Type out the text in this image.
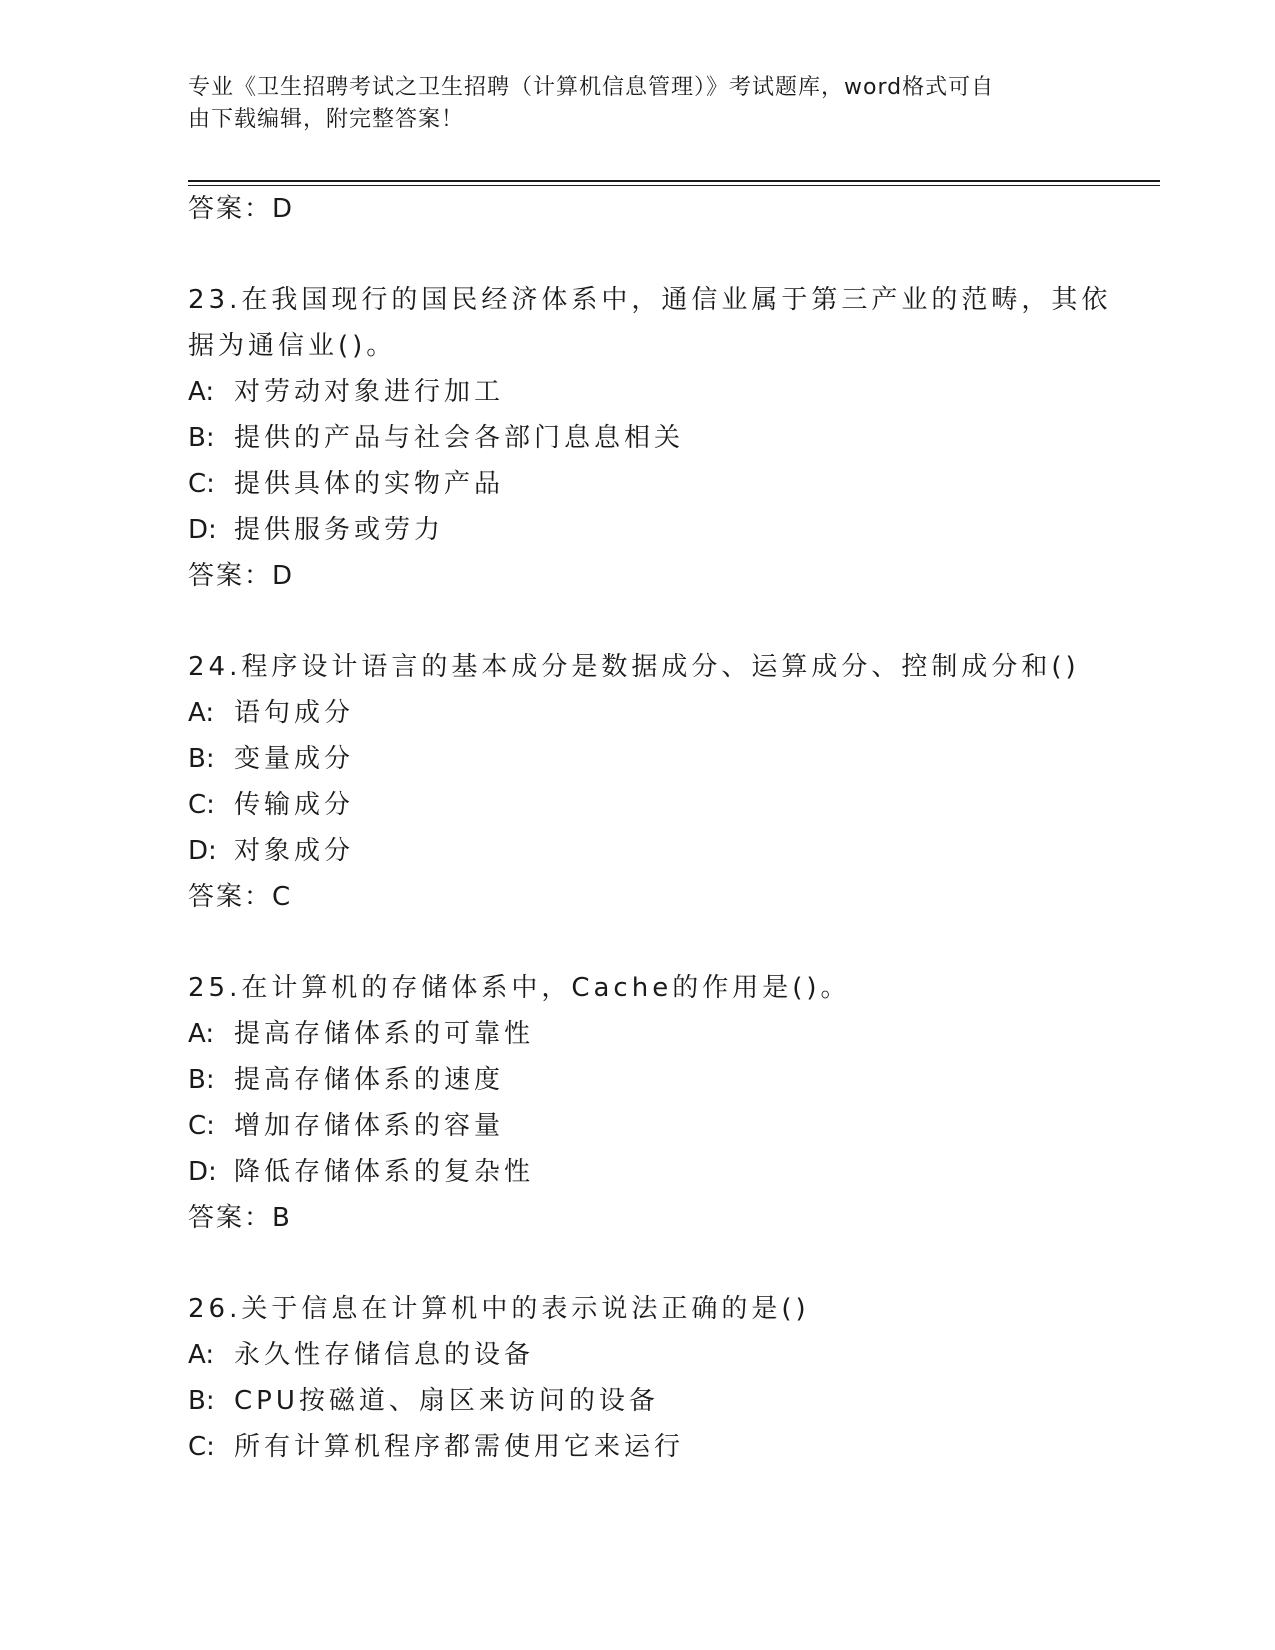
专业《卫生招聘考试之卫生招聘（计算机信息管理）》考试题库，word格式可自
由下载编辑，附完整答案！
答案：D
23.在我国现行的国民经济体系中，通信业属于第三产业的范畴，其依
据为通信业()。
A: 对劳动对象进行加工
B: 提供的产品与社会各部门息息相关
C: 提供具体的实物产品
D: 提供服务或劳力
答案：D
24.程序设计语言的基本成分是数据成分、运算成分、控制成分和()
A: 语句成分
B: 变量成分
C: 传输成分
D: 对象成分
答案：C
25.在计算机的存储体系中，Cache的作用是()。
A: 提高存储体系的可靠性
B: 提高存储体系的速度
C: 增加存储体系的容量
D: 降低存储体系的复杂性
答案：B
26.关于信息在计算机中的表示说法正确的是()
A: 永久性存储信息的设备
B: CPU按磁道、扇区来访问的设备
C: 所有计算机程序都需使用它来运行
